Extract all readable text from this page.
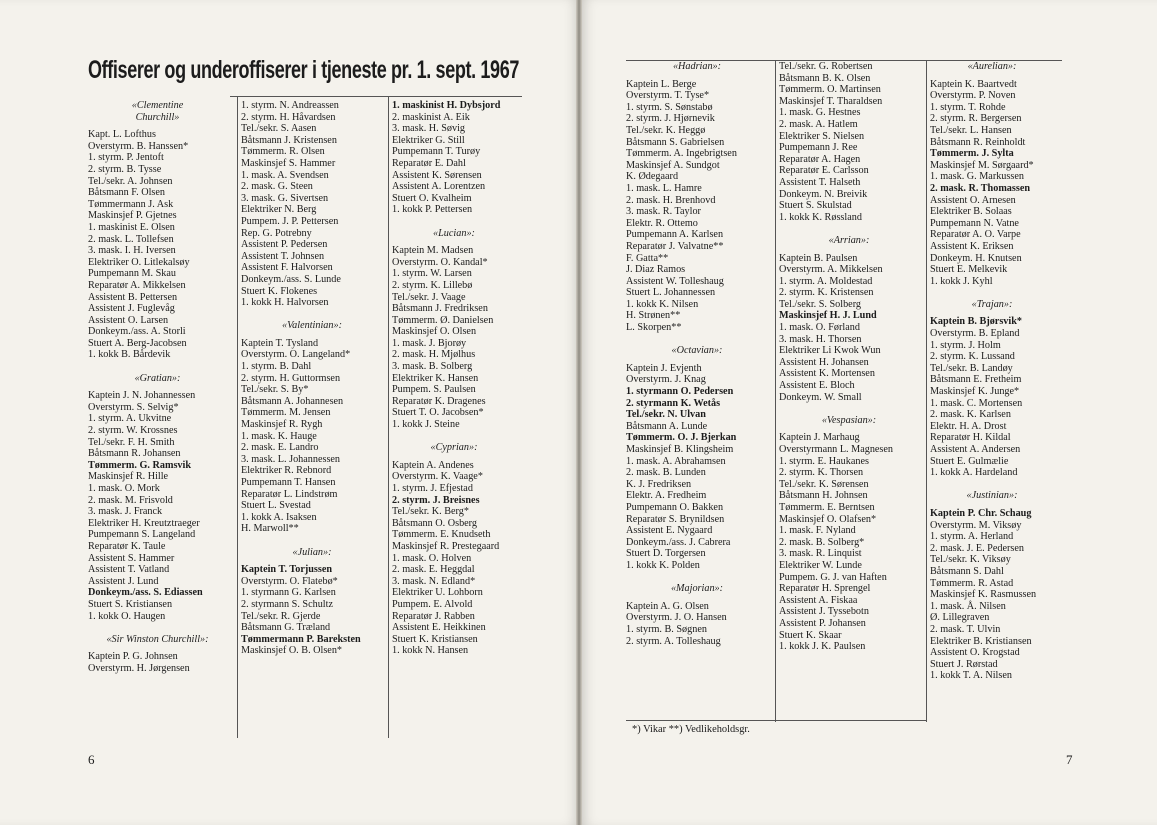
Offiserer og underoffiserer i tjeneste pr. 1. sept. 1967
«Clementine
Churchill»
Kapt. L. Lofthus
Overstyrm. B. Hanssen*
1. styrm. P. Jentoft
2. styrm. B. Tysse
Tel./sekr. A. Johnsen
Båtsmann F. Olsen
Tømmermann J. Ask
Maskinsjef P. Gjetnes
1. maskinist E. Olsen
2. mask. L. Tollefsen
3. mask. I. H. Iversen
Elektriker O. Litlekalsøy
Pumpemann M. Skau
Reparatør A. Mikkelsen
Assistent B. Pettersen
Assistent J. Fuglevåg
Assistent O. Larsen
Donkeym./ass. A. Storli
Stuert A. Berg-Jacobsen
1. kokk B. Bårdevik
«Gratian»:
Kaptein J. N. Johannessen
Overstyrm. S. Selvig*
1. styrm. A. Ukvitne
2. styrm. W. Krossnes
Tel./sekr. F. H. Smith
Båtsmann R. Johansen
Tømmerm. G. Ramsvik
Maskinsjef R. Hille
1. mask. O. Mork
2. mask. M. Frisvold
3. mask. J. Franck
Elektriker H. Kreutztraeger
Pumpemann S. Langeland
Reparatør K. Taule
Assistent S. Hammer
Assistent T. Vatland
Assistent J. Lund
Donkeym./ass. S. Ediassen
Stuert S. Kristiansen
1. kokk O. Haugen
«Sir Winston Churchill»:
Kaptein P. G. Johnsen
Overstyrm. H. Jørgensen
1. styrm. N. Andreassen
2. styrm. H. Håvardsen
Tel./sekr. S. Aasen
Båtsmann J. Kristensen
Tømmerm. R. Olsen
Maskinsjef S. Hammer
1. mask. A. Svendsen
2. mask. G. Steen
3. mask. G. Sivertsen
Elektriker N. Berg
Pumpem. J. P. Pettersen
Rep. G. Potrebny
Assistent P. Pedersen
Assistent T. Johnsen
Assistent F. Halvorsen
Donkeym./ass. S. Lunde
Stuert K. Flokenes
1. kokk H. Halvorsen
«Valentinian»:
Kaptein T. Tysland
Overstyrm. O. Langeland*
1. styrm. B. Dahl
2. styrm. H. Guttormsen
Tel./sekr. S. By*
Båtsmann A. Johannesen
Tømmerm. M. Jensen
Maskinsjef R. Rygh
1. mask. K. Hauge
2. mask. E. Landro
3. mask. L. Johannessen
Elektriker R. Rebnord
Pumpemann T. Hansen
Reparatør L. Lindstrøm
Stuert L. Svestad
1. kokk A. Isaksen
H. Marwoll**
«Julian»:
Kaptein T. Torjussen
Overstyrm. O. Flatebø*
1. styrmann G. Karlsen
2. styrmann S. Schultz
Tel./sekr. R. Gjerde
Båtsmann G. Træland
Tømmermann P. Bareksten
Maskinsjef O. B. Olsen*
1. maskinist H. Dybsjord
2. maskinist A. Eik
3. mask. H. Søvig
Elektriker G. Still
Pumpemann T. Turøy
Reparatør E. Dahl
Assistent K. Sørensen
Assistent A. Lorentzen
Stuert O. Kvalheim
1. kokk P. Pettersen
«Lucian»:
Kaptein M. Madsen
Overstyrm. O. Kandal*
1. styrm. W. Larsen
2. styrm. K. Lillebø
Tel./sekr. J. Vaage
Båtsmann J. Fredriksen
Tømmerm. Ø. Danielsen
Maskinsjef O. Olsen
1. mask. J. Bjorøy
2. mask. H. Mjølhus
3. mask. B. Solberg
Elektriker K. Hansen
Pumpem. S. Paulsen
Reparatør K. Dragenes
Stuert T. O. Jacobsen*
1. kokk J. Steine
«Cyprian»:
Kaptein A. Andenes
Overstyrm. K. Vaage*
1. styrm. J. Efjestad
2. styrm. J. Breisnes
Tel./sekr. K. Berg*
Båtsmann O. Osberg
Tømmerm. E. Knudseth
Maskinsjef R. Prestegaard
1. mask. O. Holven
2. mask. E. Heggdal
3. mask. N. Edland*
Elektriker U. Lohborn
Pumpem. E. Alvold
Reparatør J. Rabben
Assistent E. Heikkinen
Stuert K. Kristiansen
1. kokk N. Hansen
«Hadrian»:
Kaptein L. Berge
Overstyrm. T. Tyse*
1. styrm. S. Sønstabø
2. styrm. J. Hjørnevik
Tel./sekr. K. Heggø
Båtsmann S. Gabrielsen
Tømmerm. A. Ingebrigtsen
Maskinsjef A. Sundgot
K. Ødegaard
1. mask. L. Hamre
2. mask. H. Brenhovd
3. mask. R. Taylor
Elektr. R. Ottemo
Pumpemann A. Karlsen
Reparatør J. Valvatne**
F. Gatta**
J. Diaz Ramos
Assistent W. Tolleshaug
Stuert L. Johannessen
1. kokk K. Nilsen
H. Strønen**
L. Skorpen**
«Octavian»:
Kaptein J. Evjenth
Overstyrm. J. Knag
1. styrmann O. Pedersen
2. styrmann K. Wetås
Tel./sekr. N. Ulvan
Båtsmann A. Lunde
Tømmerm. O. J. Bjerkan
Maskinsjef B. Klingsheim
1. mask. A. Abrahamsen
2. mask. B. Lunden
K. J. Fredriksen
Elektr. A. Fredheim
Pumpemann O. Bakken
Reparatør S. Brynildsen
Assistent E. Nygaard
Donkeym./ass. J. Cabrera
Stuert D. Torgersen
1. kokk K. Polden
«Majorian»:
Kaptein A. G. Olsen
Overstyrm. J. O. Hansen
1. styrm. B. Søgnen
2. styrm. A. Tolleshaug
Tel./sekr. G. Robertsen
Båtsmann B. K. Olsen
Tømmerm. O. Martinsen
Maskinsjef T. Tharaldsen
1. mask. G. Hestnes
2. mask. A. Hatlem
Elektriker S. Nielsen
Pumpemann J. Ree
Reparatør A. Hagen
Reparatør E. Carlsson
Assistent T. Halseth
Donkeym. N. Breivik
Stuert S. Skulstad
1. kokk K. Røssland
«Arrian»:
Kaptein B. Paulsen
Overstyrm. A. Mikkelsen
1. styrm. A. Moldestad
2. styrm. K. Kristensen
Tel./sekr. S. Solberg
Maskinsjef H. J. Lund
1. mask. O. Førland
3. mask. H. Thorsen
Elektriker Li Kwok Wun
Assistent H. Johansen
Assistent K. Mortensen
Assistent E. Bloch
Donkeym. W. Small
«Vespasian»:
Kaptein J. Marhaug
Overstyrmann L. Magnesen
1. styrm. E. Haukanes
2. styrm. K. Thorsen
Tel./sekr. K. Sørensen
Båtsmann H. Johnsen
Tømmerm. E. Berntsen
Maskinsjef O. Olafsen*
1. mask. F. Nyland
2. mask. B. Solberg*
3. mask. R. Linquist
Elektriker W. Lunde
Pumpem. G. J. van Haften
Reparatør H. Sprengel
Assistent A. Fiskaa
Assistent J. Tyssebotn
Assistent P. Johansen
Stuert K. Skaar
1. kokk J. K. Paulsen
«Aurelian»:
Kaptein K. Baartvedt
Overstyrm. P. Noven
1. styrm. T. Rohde
2. styrm. R. Bergersen
Tel./sekr. L. Hansen
Båtsmann R. Reinholdt
Tømmerm. J. Sylta
Maskinsjef M. Sørgaard*
1. mask. G. Markussen
2. mask. R. Thomassen
Assistent O. Arnesen
Elektriker B. Solaas
Pumpemann N. Vatne
Reparatør A. O. Varpe
Assistent K. Eriksen
Donkeym. H. Knutsen
Stuert E. Melkevik
1. kokk J. Kyhl
«Trajan»:
Kaptein B. Bjørsvik*
Overstyrm. B. Epland
1. styrm. J. Holm
2. styrm. K. Lussand
Tel./sekr. B. Landøy
Båtsmann E. Fretheim
Maskinsjef K. Junge*
1. mask. C. Mortensen
2. mask. K. Karlsen
Elektr. H. A. Drost
Reparatør H. Kildal
Assistent A. Andersen
Stuert E. Gulmælie
1. kokk A. Hardeland
«Justinian»:
Kaptein P. Chr. Schaug
Overstyrm. M. Viksøy
1. styrm. A. Herland
2. mask. J. E. Pedersen
Tel./sekr. K. Viksøy
Båtsmann S. Dahl
Tømmerm. R. Astad
Maskinsjef K. Rasmussen
1. mask. Å. Nilsen
Ø. Lillegraven
2. mask. T. Ulvin
Elektriker B. Kristiansen
Assistent O. Krogstad
Stuert J. Rørstad
1. kokk T. A. Nilsen
*) Vikar **) Vedlikeholdsgr.
6	7
